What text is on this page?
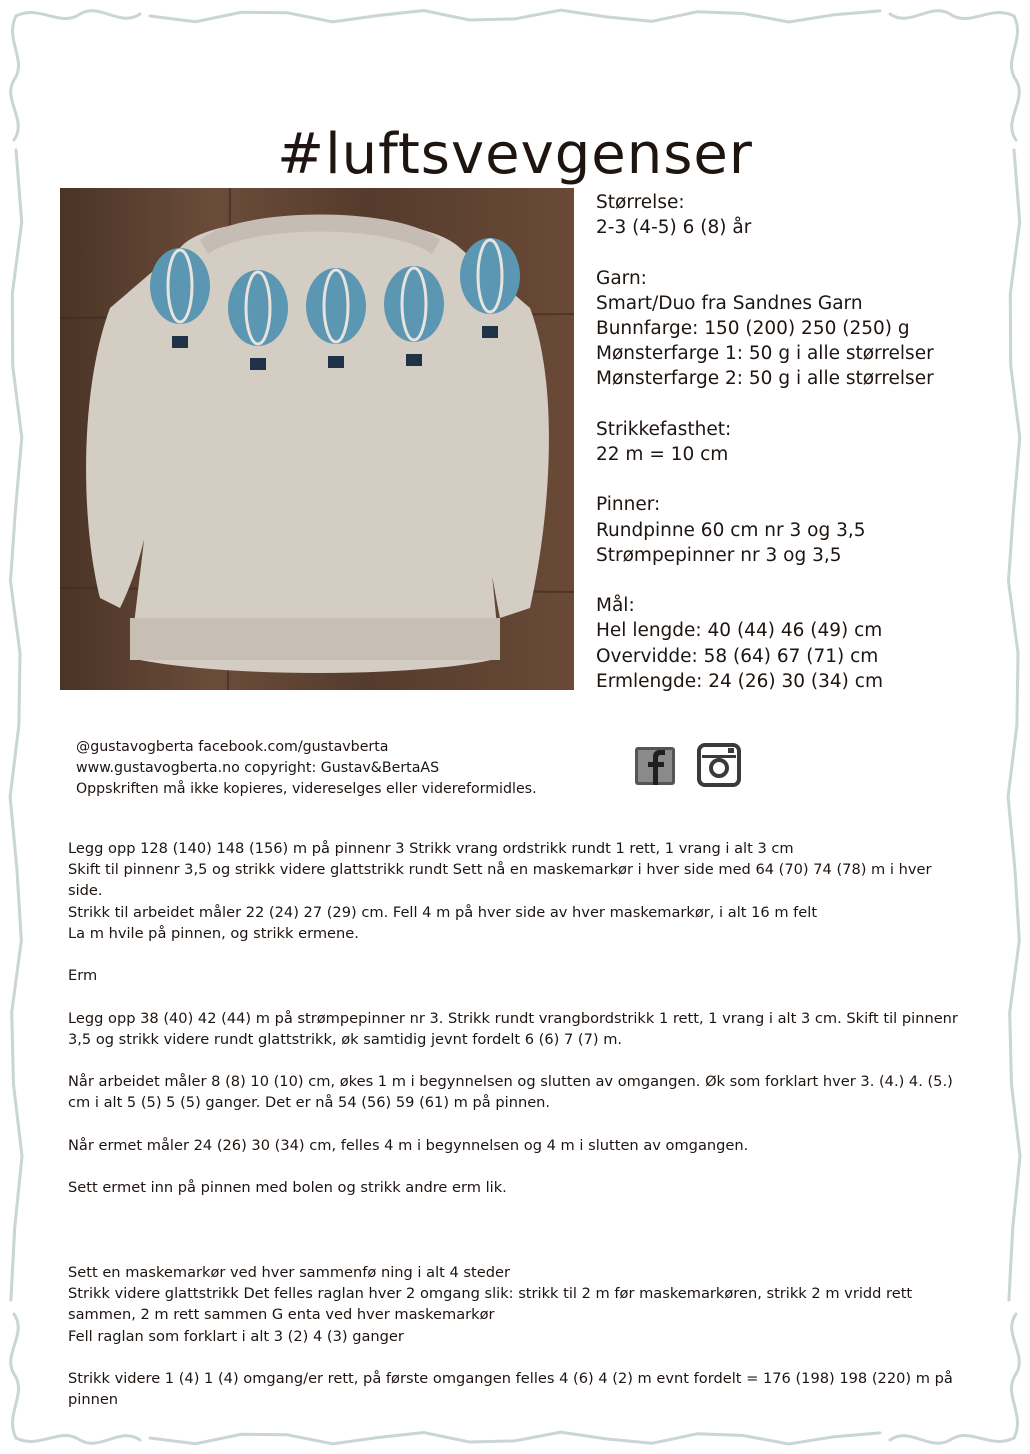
#luftsvevgenser
Størrelse:
2-3 (4-5) 6 (8) år
Garn:
Smart/Duo fra Sandnes Garn
Bunnfarge: 150 (200) 250 (250) g
Mønsterfarge 1: 50 g i alle størrelser
Mønsterfarge 2: 50 g i alle størrelser
Strikkefasthet:
22 m = 10 cm
Pinner:
Rundpinne 60 cm nr 3 og 3,5
Strømpepinner nr 3 og 3,5
Mål:
Hel lengde: 40 (44) 46 (49) cm
Overvidde: 58 (64) 67 (71) cm
Ermlengde: 24 (26) 30 (34) cm
@gustavogberta facebook.com/gustavberta
www.gustavogberta.no copyright: Gustav&BertaAS
Oppskriften må ikke kopieres, videreselges eller videreformidles.

Legg opp 128 (140) 148 (156) m på pinnenr 3 Strikk vrang ordstrikk rundt 1 rett, 1 vrang i alt 3 cm

Skift til pinnenr 3,5 og strikk videre glattstrikk rundt Sett nå en maskemarkør i hver side med 64 (70) 74 (78) m i hver side.

Strikk til arbeidet måler 22 (24) 27 (29) cm. Fell 4 m på hver side av hver maskemarkør, i alt 16 m felt

La m hvile på pinnen, og strikk ermene.

Erm

Legg opp 38 (40) 42 (44) m på strømpepinner nr 3. Strikk rundt vrangbordstrikk 1 rett, 1 vrang i alt 3 cm. Skift til pinnenr 3,5 og strikk videre rundt glattstrikk, øk samtidig jevnt fordelt 6 (6) 7 (7) m.

Når arbeidet måler 8 (8) 10 (10) cm, økes 1 m i begynnelsen og slutten av omgangen. Øk som forklart hver 3. (4.) 4. (5.) cm i alt 5 (5) 5 (5) ganger. Det er nå 54 (56) 59 (61) m på pinnen.

Når ermet måler 24 (26) 30 (34) cm, felles 4 m i begynnelsen og 4 m i slutten av omgangen.

Sett ermet inn på pinnen med bolen og strikk andre erm lik.

Sett en maskemarkør ved hver sammenfø ning i alt 4 steder

Strikk videre glattstrikk Det felles raglan hver 2 omgang slik: strikk til 2 m før maskemarkøren, strikk 2 m vridd rett sammen, 2 m rett sammen G enta ved hver maskemarkør

Fell raglan som forklart i alt 3 (2) 4 (3) ganger

Strikk videre 1 (4) 1 (4) omgang/er rett, på første omgangen felles 4 (6) 4 (2) m evnt fordelt = 176 (198) 198 (220) m på pinnen
